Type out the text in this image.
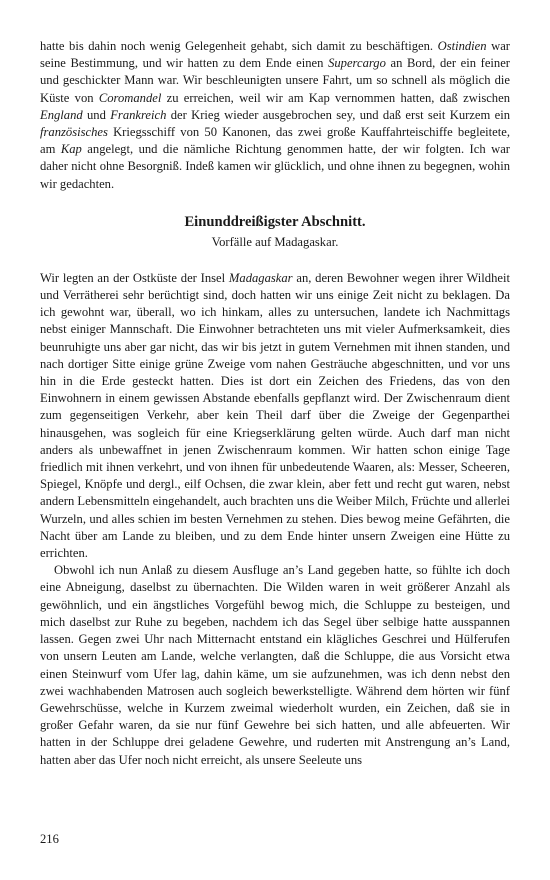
hatte bis dahin noch wenig Gelegenheit gehabt, sich damit zu beschäftigen. Ostindien war seine Bestimmung, und wir hatten zu dem Ende einen Supercargo an Bord, der ein feiner und geschickter Mann war. Wir beschleunigten unsere Fahrt, um so schnell als möglich die Küste von Coromandel zu erreichen, weil wir am Kap vernommen hatten, daß zwischen England und Frankreich der Krieg wieder ausgebrochen sey, und daß erst seit Kurzem ein französisches Kriegsschiff von 50 Kanonen, das zwei große Kauffahrteischiffe begleitete, am Kap angelegt, und die nämliche Richtung genommen hatte, der wir folgten. Ich war daher nicht ohne Besorgniß. Indeß kamen wir glücklich, und ohne ihnen zu begegnen, wohin wir gedachten.

Einunddreißigster Abschnitt.
Vorfälle auf Madagaskar.

Wir legten an der Ostküste der Insel Madagaskar an, deren Bewohner wegen ihrer Wildheit und Verrätherei sehr berüchtigt sind, doch hatten wir uns einige Zeit nicht zu beklagen. Da ich gewohnt war, überall, wo ich hinkam, alles zu untersuchen, landete ich Nachmittags nebst einiger Mannschaft. Die Einwohner betrachteten uns mit vieler Aufmerksamkeit, dies beunruhigte uns aber gar nicht, das wir bis jetzt in gutem Vernehmen mit ihnen standen, und nach dortiger Sitte einige grüne Zweige vom nahen Gesträuche abgeschnitten, und vor uns hin in die Erde gesteckt hatten. Dies ist dort ein Zeichen des Friedens, das von den Einwohnern in einem gewissen Abstande ebenfalls gepflanzt wird. Der Zwischenraum dient zum gegenseitigen Verkehr, aber kein Theil darf über die Zweige der Gegenparthei hinausgehen, was sogleich für eine Kriegserklärung gelten würde. Auch darf man nicht anders als unbewaffnet in jenen Zwischenraum kommen. Wir hatten schon einige Tage friedlich mit ihnen verkehrt, und von ihnen für unbedeutende Waaren, als: Messer, Scheeren, Spiegel, Knöpfe und dergl., eilf Ochsen, die zwar klein, aber fett und recht gut waren, nebst andern Lebensmitteln eingehandelt, auch brachten uns die Weiber Milch, Früchte und allerlei Wurzeln, und alles schien im besten Vernehmen zu stehen. Dies bewog meine Gefährten, die Nacht über am Lande zu bleiben, und zu dem Ende hinter unsern Zweigen eine Hütte zu errichten.

Obwohl ich nun Anlaß zu diesem Ausfluge an’s Land gegeben hatte, so fühlte ich doch eine Abneigung, daselbst zu übernachten. Die Wilden waren in weit größerer Anzahl als gewöhnlich, und ein ängstliches Vorgefühl bewog mich, die Schluppe zu besteigen, und mich daselbst zur Ruhe zu begeben, nachdem ich das Segel über selbige hatte ausspannen lassen. Gegen zwei Uhr nach Mitternacht entstand ein klägliches Geschrei und Hülferufen von unsern Leuten am Lande, welche verlangten, daß die Schluppe, die aus Vorsicht etwa einen Steinwurf vom Ufer lag, dahin käme, um sie aufzunehmen, was ich denn nebst den zwei wachhabenden Matrosen auch sogleich bewerkstelligte. Während dem hörten wir fünf Gewehrschüsse, welche in Kurzem zweimal wiederholt wurden, ein Zeichen, daß sie in großer Gefahr waren, da sie nur fünf Gewehre bei sich hatten, und alle abfeuerten. Wir hatten in der Schluppe drei geladene Gewehre, und ruderten mit Anstrengung an’s Land, hatten aber das Ufer noch nicht erreicht, als unsere Seeleute uns

216
